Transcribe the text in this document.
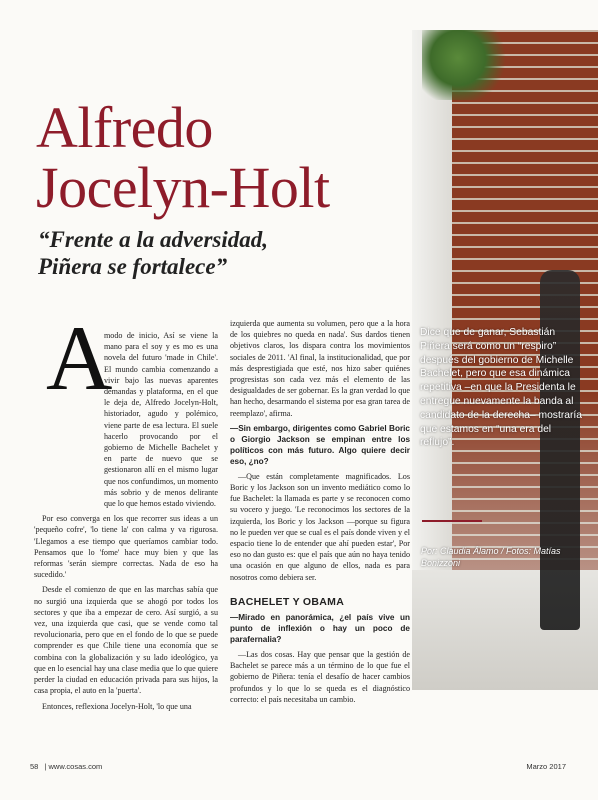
Alfredo
Jocelyn-Holt
“Frente a la adversidad,
Piñera se fortalece”
A

modo de inicio, Así se viene la mano para el soy y es mo es una novela del futuro 'made in Chile'. El mundo cambia comenzando a vivir bajo las nuevas aparentes demandas y plataforma, en el que le deja de, Alfredo Jocelyn-Holt, historiador, agudo y polémico, viene parte de esa lectura. El suele hacerlo provocando por el gobierno de Michelle Bachelet y en parte de nuevo que se gestionaron allí en el mismo lugar que nos confundimos, un momento más sobrio y de menos delirante que lo que hemos estado viviendo.

Por eso converga en los que recorrer sus ideas a un 'pequeño cofre', 'lo tiene la' con calma y va rigurosa. 'Llegamos a ese tiempo que queríamos cambiar todo. Pensamos que lo 'fome' hace muy bien y que las reformas 'serán siempre correctas. Nada de eso ha sucedido.'

Desde el comienzo de que en las marchas sabía que no surgió una izquierda que se ahogó por todos los sectores y que iba a empezar de cero. Así surgió, a su vez, una izquierda que casi, que se vende como tal revolucionaria, pero que en el fondo de lo que se puede comprender es que Chile tiene una economía que se combina con la globalización y su lado ideológico, ya que en lo esencial hay una clase media que lo que quiere perder la ciudad en educación privada para sus hijos, la casa propia, el auto en la 'puerta'.

Entonces, reflexiona Jocelyn-Holt, 'lo que una

izquierda que aumenta su volumen, pero que a la hora de los quiebres no queda en nada'. Sus dardos tienen objetivos claros, los dispara contra los movimientos sociales de 2011. 'Al final, la institucionalidad, que por más desprestigiada que esté, nos hizo saber quiénes progresistas son cada vez más el elemento de las desigualdades de ser gobernar. Es la gran verdad lo que han hecho, desarmando el sistema por esa gran tarea de reemplazo', afirma.

—Sin embargo, dirigentes como Gabriel Boric o Giorgio Jackson se empinan entre los políticos con más futuro. Algo quiere decir eso, ¿no?

—Que están completamente magnificados. Los Boric y los Jackson son un invento mediático como lo fue Bachelet: la llamada es parte y se reconocen como su vocero y juego. 'Le reconocimos los sectores de la izquierda, los Boric y los Jackson —porque su figura no le pueden ver que se cual es el país donde viven y el espacio tiene lo de entender que ahí pueden estar', Por eso no dan gusto es: que el país que aún no haya tenido una ocasión en que alguno de ellos, nada es para nosotros como debiera ser.

BACHELET Y OBAMA

—Mirado en panorámica, ¿el país vive un punto de inflexión o hay un poco de parafernalia?

—Las dos cosas. Hay que pensar que la gestión de Bachelet se parece más a un término de lo que fue el gobierno de Piñera: tenía el desafío de hacer cambios profundos y lo que lo se queda es el diagnóstico correcto: el país necesitaba un cambio.

Dice que de ganar, Sebastián Piñera será como un “respiro” después del gobierno de Michelle Bachelet, pero que esa dinámica repetitiva –en que la Presidenta le entregue nuevamente la banda al candidato de la derecha– mostraría que estamos en “una era del reflujo”.

Por: Claudia Álamo / Fotos: Matías Bonizzoni

58 | www.cosas.com	Marzo 2017
